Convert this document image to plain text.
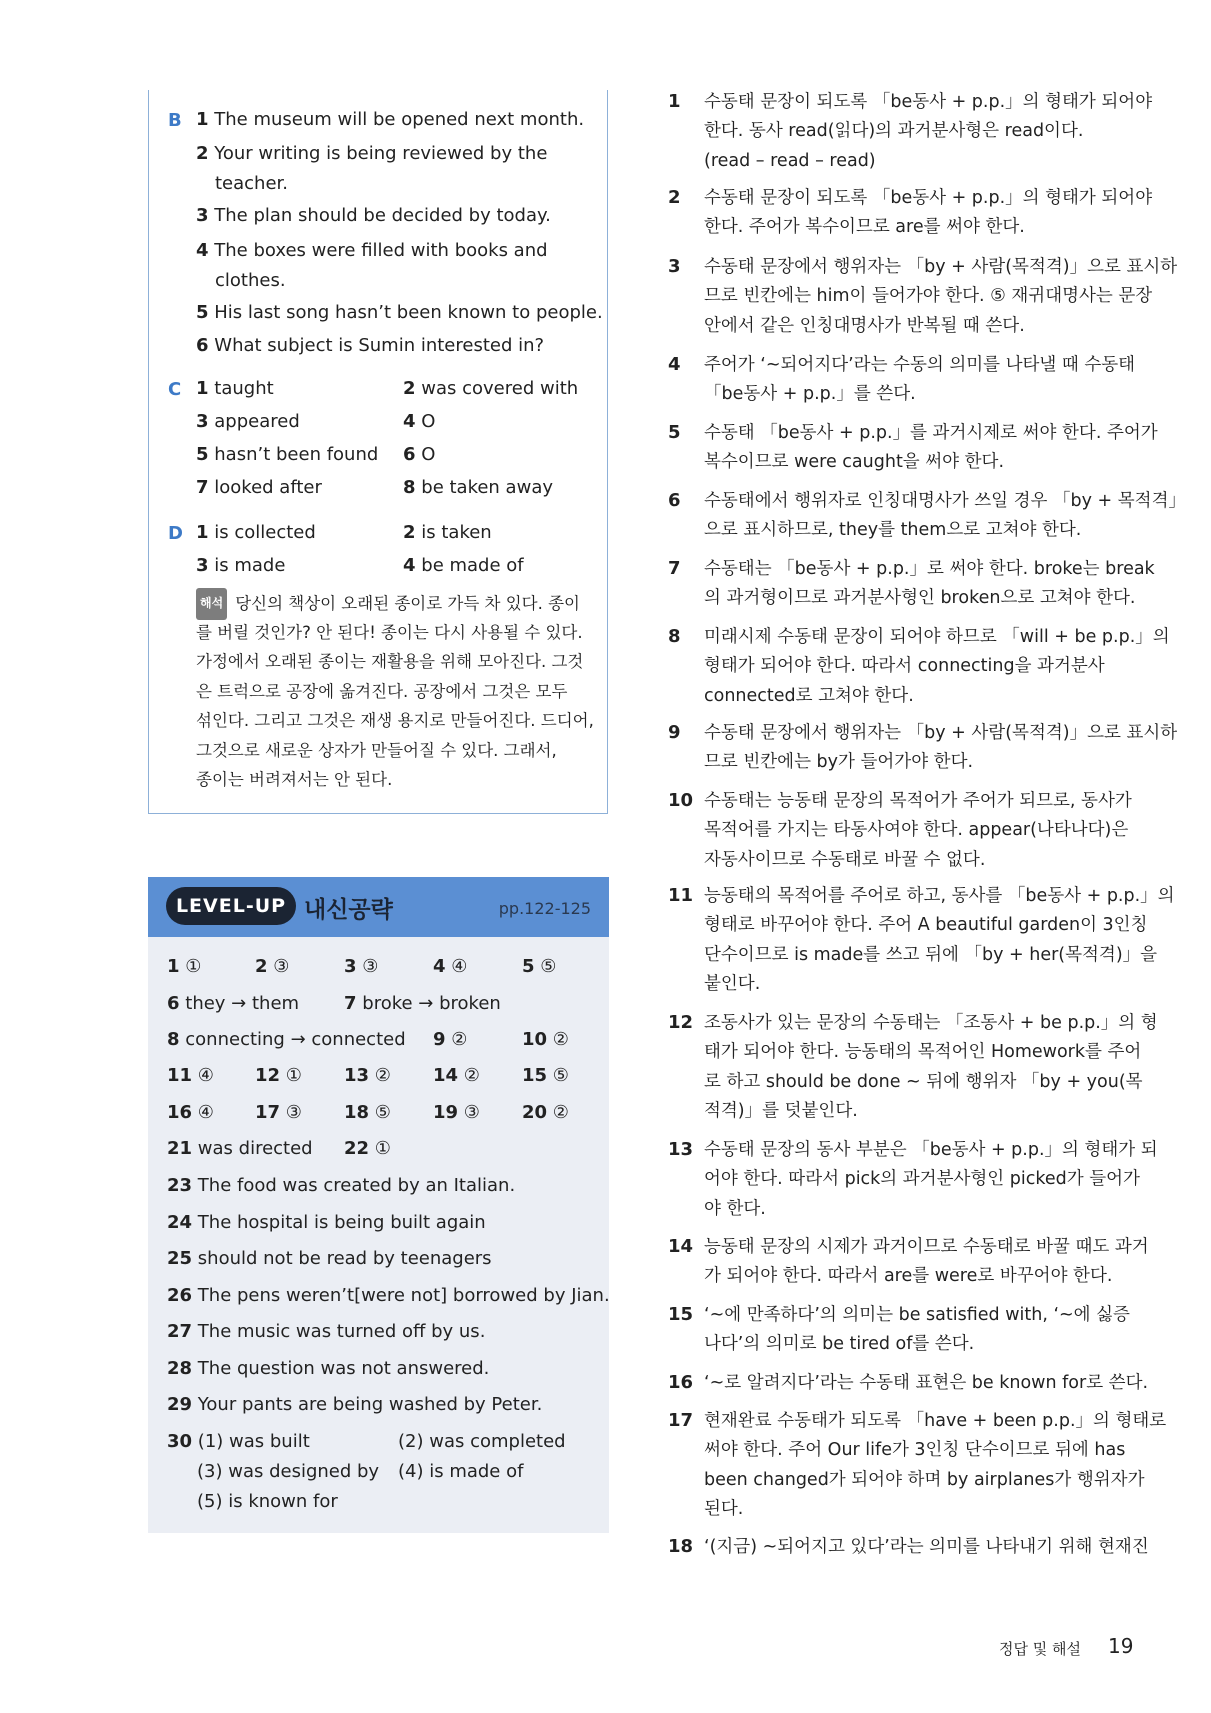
B 1 The museum will be opened next month.
2 Your writing is being reviewed by the
teacher.
3 The plan should be decided by today.
4 The boxes were filled with books and
clothes.
5 His last song hasn’t been known to people.
6 What subject is Sumin interested in?
C 1 taught	2 was covered with
3 appeared	4 O
5 hasn’t been found 6 O
7 looked after	8 be taken away
D 1 is collected	2 is taken
3 is made	4 be made of
해석 당신의 책상이 오래된 종이로 가득 차 있다. 종이
를 버릴 것인가? 안 된다! 종이는 다시 사용될 수 있다.
가정에서 오래된 종이는 재활용을 위해 모아진다. 그것
은 트럭으로 공장에 옮겨진다. 공장에서 그것은 모두
섞인다. 그리고 그것은 재생 용지로 만들어진다. 드디어,
그것으로 새로운 상자가 만들어질 수 있다. 그래서,
종이는 버려져서는 안 된다.
LEVEL-UP 내신공략	pp.122-125
1 ①	2 ③	3 ③	4 ④	5 ⑤
6 they → them 7 broke → broken
8 connecting → connected 9 ②	10 ②
11 ④ 12 ① 13 ② 14 ② 15 ⑤
16 ④ 17 ③ 18 ⑤ 19 ③ 20 ②
21 was directed 22 ①
23 The food was created by an Italian.
24 The hospital is being built again
25 should not be read by teenagers
26 The pens weren’t[were not] borrowed by Jian.
27 The music was turned off by us.
28 The question was not answered.
29 Your pants are being washed by Peter.
30 (1) was built	(2) was completed
(3) was designed by (4) is made of
(5) is known for
1 수동태 문장이 되도록 「be동사 + p.p.」의 형태가 되어야
한다. 동사 read(읽다)의 과거분사형은 read이다.
(read – read – read)
2 수동태 문장이 되도록 「be동사 + p.p.」의 형태가 되어야
한다. 주어가 복수이므로 are를 써야 한다.
3 수동태 문장에서 행위자는 「by + 사람(목적격)」으로 표시하
므로 빈칸에는 him이 들어가야 한다. ⑤ 재귀대명사는 문장
안에서 같은 인칭대명사가 반복될 때 쓴다.
4 주어가 ‘~되어지다’라는 수동의 의미를 나타낼 때 수동태
「be동사 + p.p.」를 쓴다.
5 수동태 「be동사 + p.p.」를 과거시제로 써야 한다. 주어가
복수이므로 were caught을 써야 한다.
6 수동태에서 행위자로 인칭대명사가 쓰일 경우 「by + 목적격」
으로 표시하므로, they를 them으로 고쳐야 한다.
7 수동태는 「be동사 + p.p.」로 써야 한다. broke는 break
의 과거형이므로 과거분사형인 broken으로 고쳐야 한다.
8 미래시제 수동태 문장이 되어야 하므로 「will + be p.p.」의
형태가 되어야 한다. 따라서 connecting을 과거분사
connected로 고쳐야 한다.
9 수동태 문장에서 행위자는 「by + 사람(목적격)」으로 표시하
므로 빈칸에는 by가 들어가야 한다.
10 수동태는 능동태 문장의 목적어가 주어가 되므로, 동사가
목적어를 가지는 타동사여야 한다. appear(나타나다)은
자동사이므로 수동태로 바꿀 수 없다.
11 능동태의 목적어를 주어로 하고, 동사를 「be동사 + p.p.」의
형태로 바꾸어야 한다. 주어 A beautiful garden이 3인칭
단수이므로 is made를 쓰고 뒤에 「by + her(목적격)」을
붙인다.
12 조동사가 있는 문장의 수동태는 「조동사 + be p.p.」의 형
태가 되어야 한다. 능동태의 목적어인 Homework를 주어
로 하고 should be done ~ 뒤에 행위자 「by + you(목
적격)」를 덧붙인다.
13 수동태 문장의 동사 부분은 「be동사 + p.p.」의 형태가 되
어야 한다. 따라서 pick의 과거분사형인 picked가 들어가
야 한다.
14 능동태 문장의 시제가 과거이므로 수동태로 바꿀 때도 과거
가 되어야 한다. 따라서 are를 were로 바꾸어야 한다.
15 ‘~에 만족하다’의 의미는 be satisfied with, ‘~에 싫증
나다’의 의미로 be tired of를 쓴다.
16 ‘~로 알려지다’라는 수동태 표현은 be known for로 쓴다.
17 현재완료 수동태가 되도록 「have + been p.p.」의 형태로
써야 한다. 주어 Our life가 3인칭 단수이므로 뒤에 has
been changed가 되어야 하며 by airplanes가 행위자가
된다.
18 ‘(지금) ~되어지고 있다’라는 의미를 나타내기 위해 현재진
정답 및 해설 19
